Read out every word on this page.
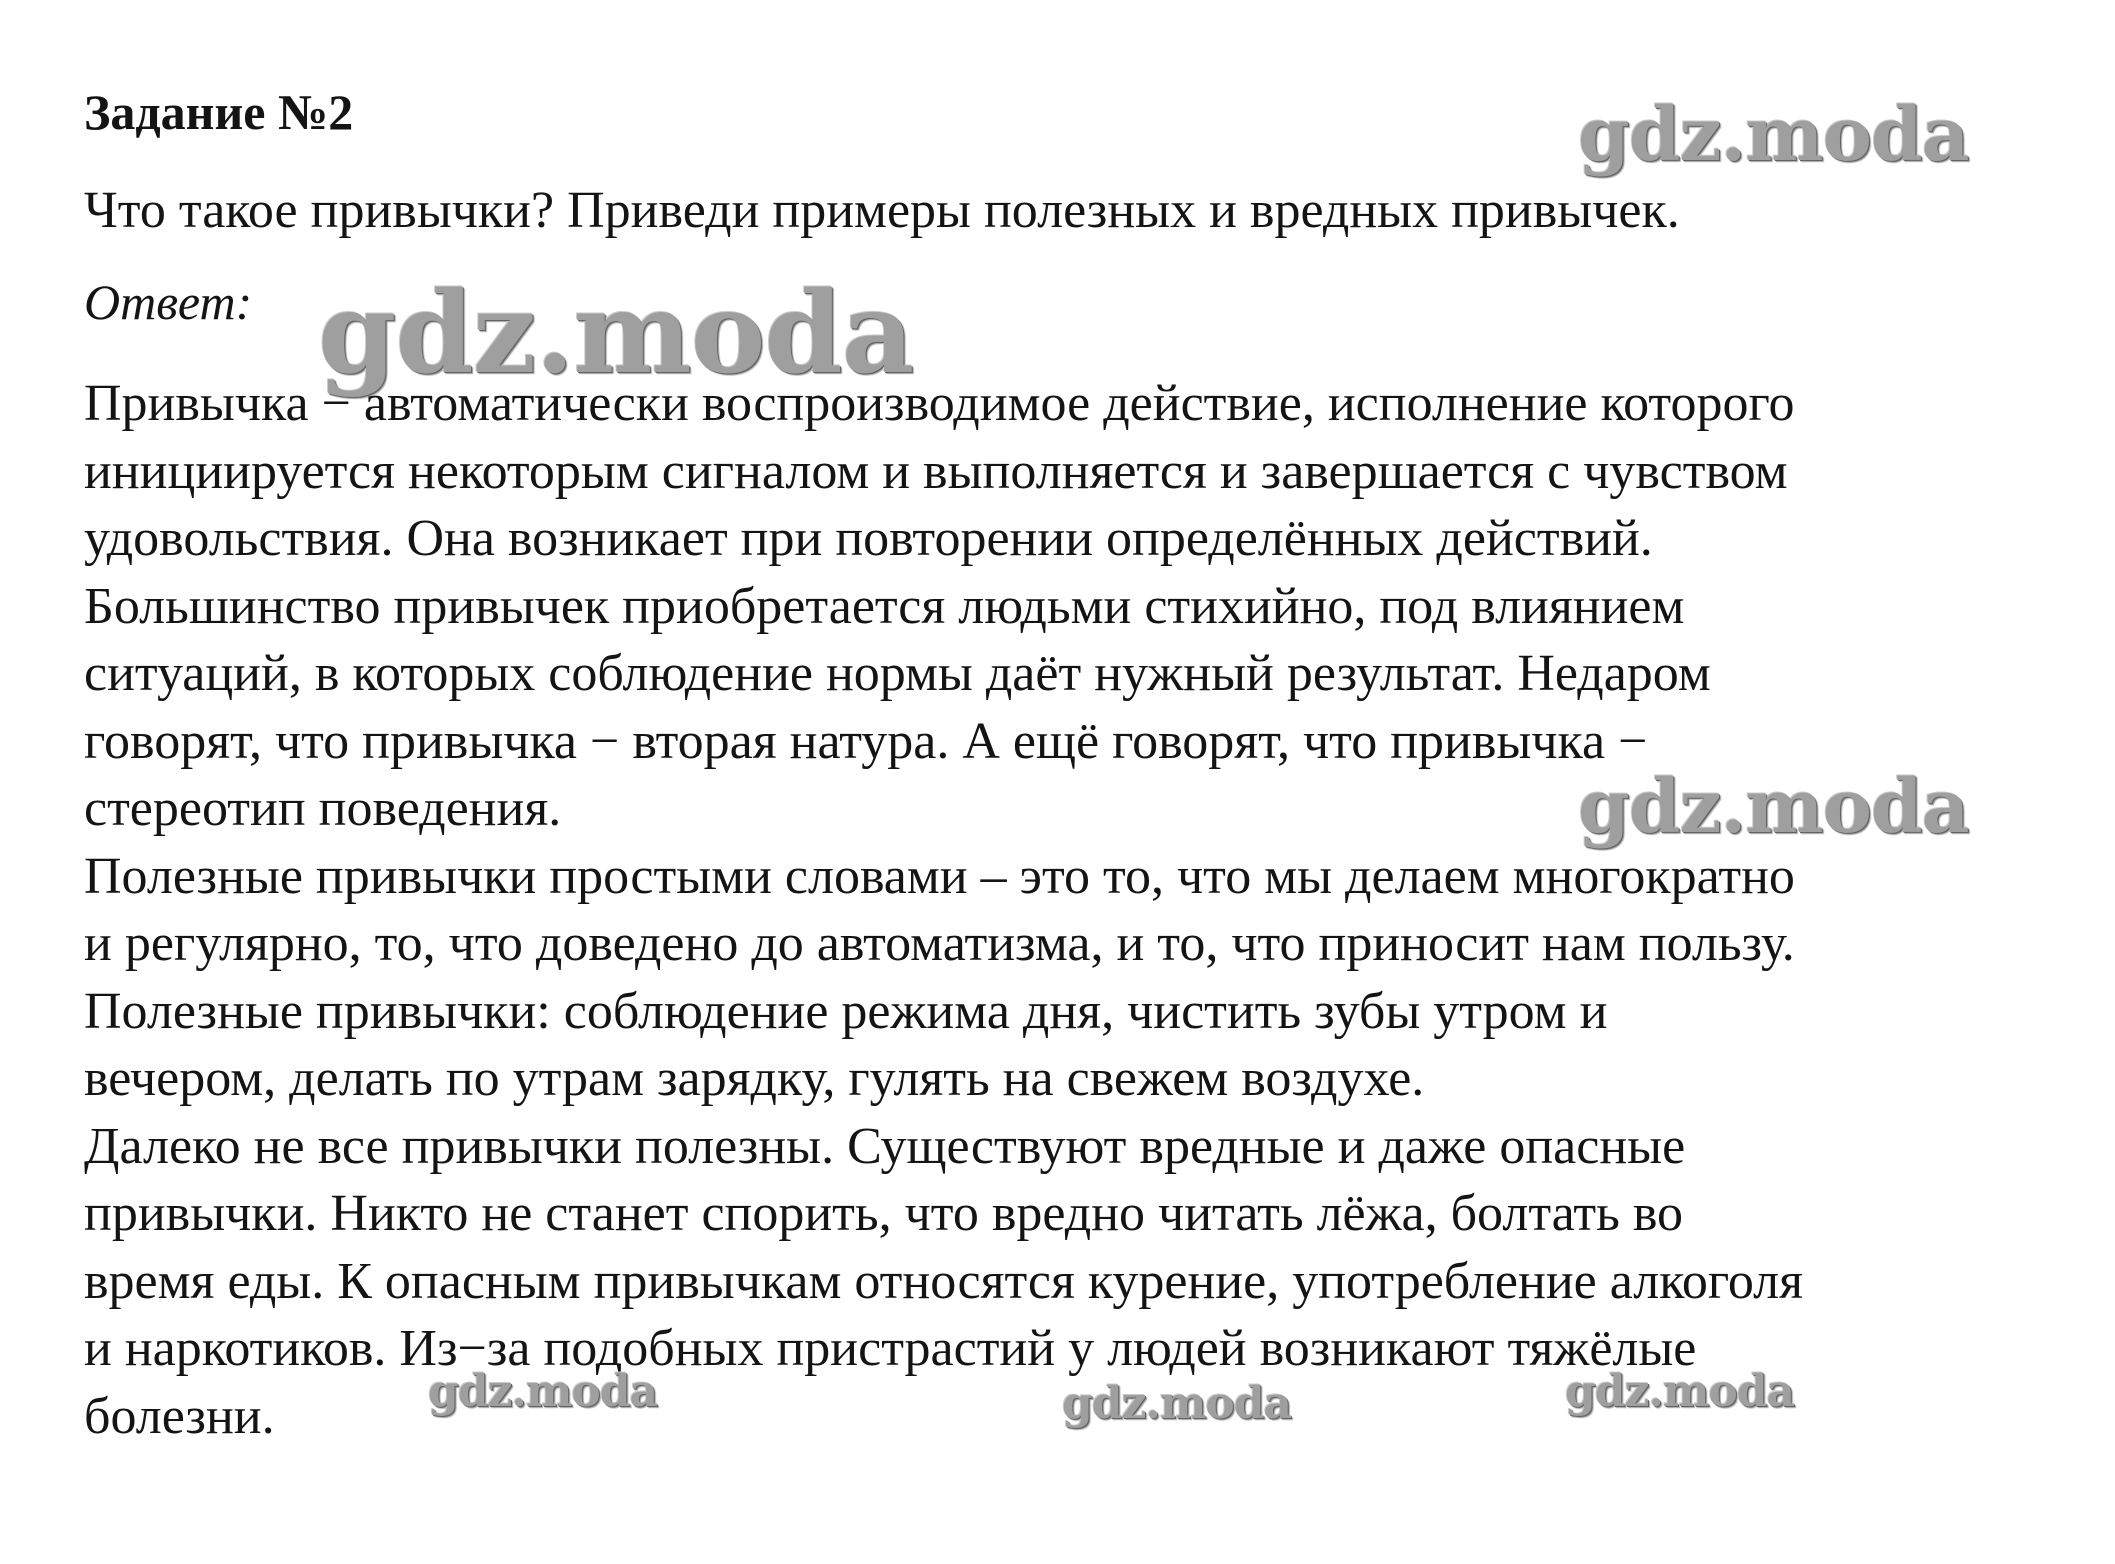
Задание №2
Что такое привычки? Приведи примеры полезных и вредных привычек.
Ответ:
Привычка − автоматически воспроизводимое действие, исполнение которого
инициируется некоторым сигналом и выполняется и завершается с чувством
удовольствия. Она возникает при повторении определённых действий.
Большинство привычек приобретается людьми стихийно, под влиянием
ситуаций, в которых соблюдение нормы даёт нужный результат. Недаром
говорят, что привычка − вторая натура. А ещё говорят, что привычка −
стереотип поведения.
Полезные привычки простыми словами – это то, что мы делаем многократно
и регулярно, то, что доведено до автоматизма, и то, что приносит нам пользу.
Полезные привычки: соблюдение режима дня, чистить зубы утром и
вечером, делать по утрам зарядку, гулять на свежем воздухе.
Далеко не все привычки полезны. Существуют вредные и даже опасные
привычки. Никто не станет спорить, что вредно читать лёжа, болтать во
время еды. К опасным привычкам относятся курение, употребление алкоголя
и наркотиков. Из−за подобных пристрастий у людей возникают тяжёлые
болезни.
gdz.moda
gdz.moda
gdz.moda
gdz.moda	gdz.moda	gdz.moda
